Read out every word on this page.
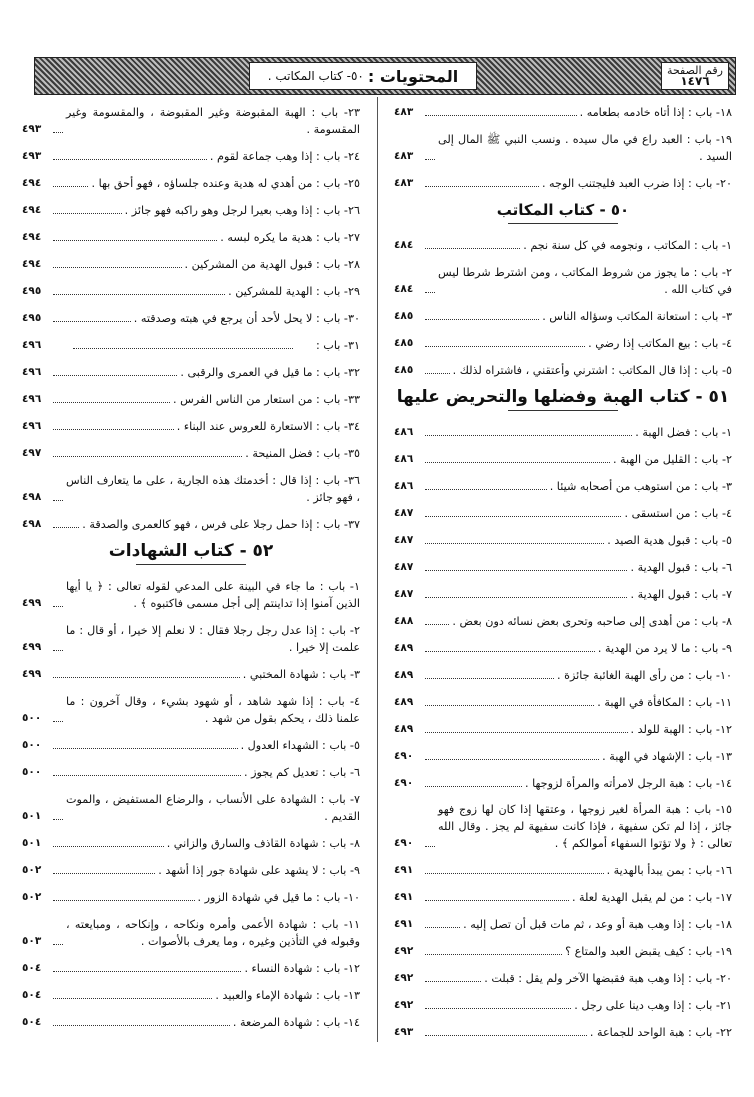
رقم الصفحة
١٤٧٦
المحتويات :
٥٠- كتاب المكاتب .
١٨- باب : إذا أتاه خادمه بطعامه .
٤٨٣
١٩- باب : العبد راع في مال سيده . ونسب النبي ﷺ المال إلى السيد .
٤٨٣
٢٠- باب : إذا ضرب العبد فليجتنب الوجه .
٤٨٣
٥٠ - كتاب المكاتب
١- باب : المكاتب ، ونجومه في كل سنة نجم .
٤٨٤
٢- باب : ما يجوز من شروط المكاتب ، ومن اشترط شرطا ليس في كتاب الله .
٤٨٤
٣- باب : استعانة المكاتب وسؤاله الناس .
٤٨٥
٤- باب : بيع المكاتب إذا رضي .
٤٨٥
٥- باب : إذا قال المكاتب : اشترني وأعتقني ، فاشتراه لذلك .
٤٨٥
٥١ - كتاب الهبة وفضلها والتحريض عليها
١- باب : فضل الهبة .
٤٨٦
٢- باب : القليل من الهبة .
٤٨٦
٣- باب : من استوهب من أصحابه شيئا .
٤٨٦
٤- باب : من استسقى .
٤٨٧
٥- باب : قبول هدية الصيد .
٤٨٧
٦- باب : قبول الهدية .
٤٨٧
٧- باب : قبول الهدية .
٤٨٧
٨- باب : من أهدى إلى صاحبه وتحرى بعض نسائه دون بعض .
٤٨٨
٩- باب : ما لا يرد من الهدية .
٤٨٩
١٠- باب : من رأى الهبة الغائبة جائزة .
٤٨٩
١١- باب : المكافأة في الهبة .
٤٨٩
١٢- باب : الهبة للولد .
٤٨٩
١٣- باب : الإشهاد في الهبة .
٤٩٠
١٤- باب : هبة الرجل لامرأته والمرأة لزوجها .
٤٩٠
١٥- باب : هبة المرأة لغير زوجها ، وعتقها إذا كان لها زوج فهو جائز ، إذا لم تكن سفيهة ، فإذا كانت سفيهة لم يجز . وقال الله تعالى : ﴿ ولا تؤتوا السفهاء أموالكم ﴾ .
٤٩٠
١٦- باب : بمن يبدأ بالهدية .
٤٩١
١٧- باب : من لم يقبل الهدية لعلة .
٤٩١
١٨- باب : إذا وهب هبة أو وعد ، ثم مات قبل أن تصل إليه .
٤٩١
١٩- باب : كيف يقبض العبد والمتاع ؟
٤٩٢
٢٠- باب : إذا وهب هبة فقبضها الآخر ولم يقل : قبلت .
٤٩٢
٢١- باب : إذا وهب دينا على رجل .
٤٩٢
٢٢- باب : هبة الواحد للجماعة .
٤٩٣
٢٣- باب : الهبة المقبوضة وغير المقبوضة ، والمقسومة وغير المقسومة .
٤٩٣
٢٤- باب : إذا وهب جماعة لقوم .
٤٩٣
٢٥- باب : من أهدي له هدية وعنده جلساؤه ، فهو أحق بها .
٤٩٤
٢٦- باب : إذا وهب بعيرا لرجل وهو راكبه فهو جائز .
٤٩٤
٢٧- باب : هدية ما يكره لبسه .
٤٩٤
٢٨- باب : قبول الهدية من المشركين .
٤٩٤
٢٩- باب : الهدية للمشركين .
٤٩٥
٣٠- باب : لا يحل لأحد أن يرجع في هبته وصدقته .
٤٩٥
٣١- باب :
٤٩٦
٣٢- باب : ما قيل في العمرى والرقبى .
٤٩٦
٣٣- باب : من استعار من الناس الفرس .
٤٩٦
٣٤- باب : الاستعارة للعروس عند البناء .
٤٩٦
٣٥- باب : فضل المنيحة .
٤٩٧
٣٦- باب : إذا قال : أخدمتك هذه الجارية ، على ما يتعارف الناس ، فهو جائز .
٤٩٨
٣٧- باب : إذا حمل رجلا على فرس ، فهو كالعمرى والصدقة .
٤٩٨
٥٢ - كتاب الشهادات
١- باب : ما جاء في البينة على المدعي لقوله تعالى : ﴿ يا أيها الذين آمنوا إذا تداينتم إلى أجل مسمى فاكتبوه ﴾ .
٤٩٩
٢- باب : إذا عدل رجل رجلا فقال : لا نعلم إلا خيرا ، أو قال : ما علمت إلا خيرا .
٤٩٩
٣- باب : شهادة المختبي .
٤٩٩
٤- باب : إذا شهد شاهد ، أو شهود بشيء ، وقال آخرون : ما علمنا ذلك ، يحكم بقول من شهد .
٥٠٠
٥- باب : الشهداء العدول .
٥٠٠
٦- باب : تعديل كم يجوز .
٥٠٠
٧- باب : الشهادة على الأنساب ، والرضاع المستفيض ، والموت القديم .
٥٠١
٨- باب : شهادة القاذف والسارق والزاني .
٥٠١
٩- باب : لا يشهد على شهادة جور إذا أشهد .
٥٠٢
١٠- باب : ما قيل في شهادة الزور .
٥٠٢
١١- باب : شهادة الأعمى وأمره ونكاحه ، وإنكاحه ، ومبايعته ، وقبوله في التأذين وغيره ، وما يعرف بالأصوات .
٥٠٣
١٢- باب : شهادة النساء .
٥٠٤
١٣- باب : شهادة الإماء والعبيد .
٥٠٤
١٤- باب : شهادة المرضعة .
٥٠٤
